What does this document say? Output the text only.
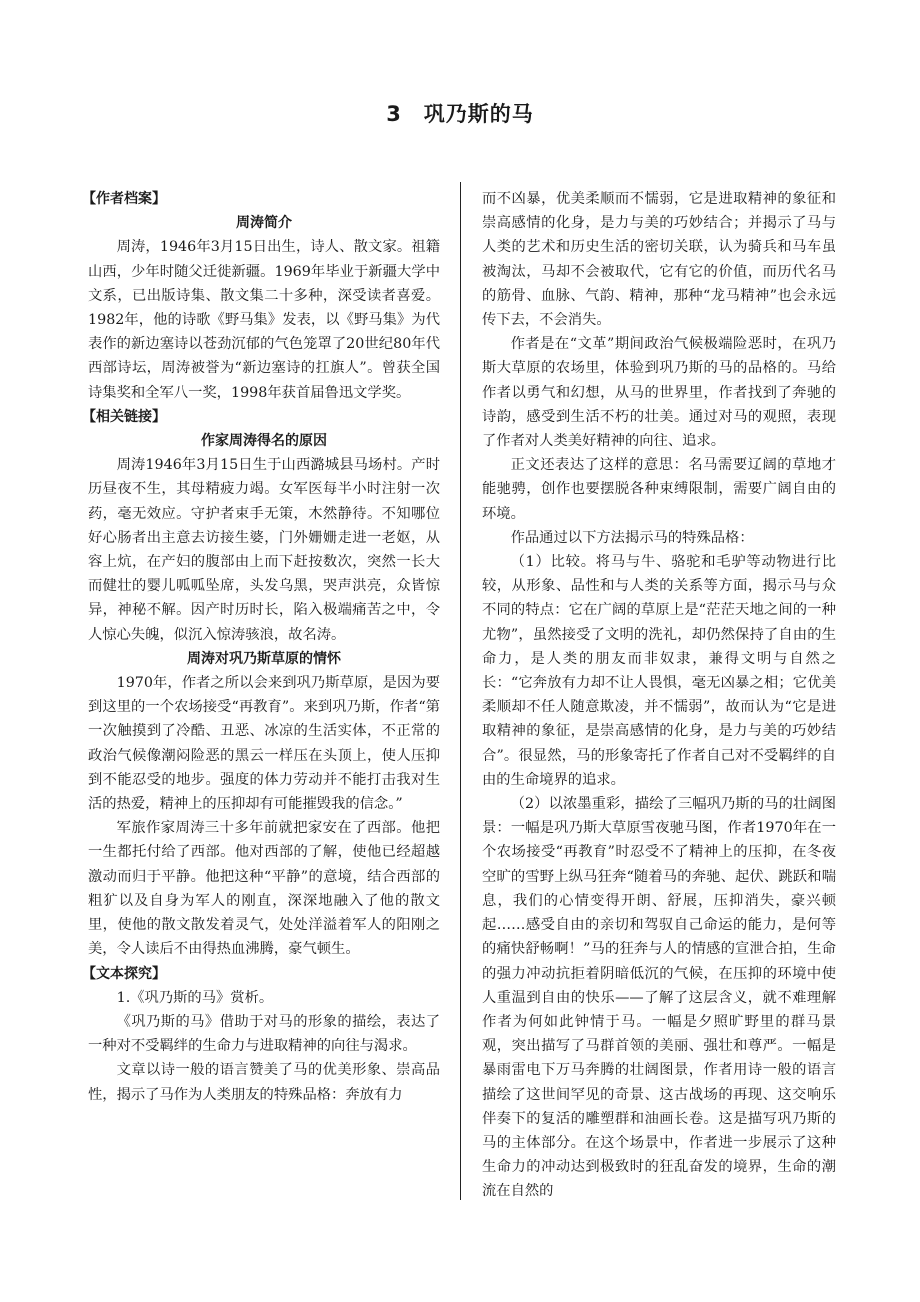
3　巩乃斯的马

【作者档案】

周涛简介

周涛，1946年3月15日出生，诗人、散文家。祖籍山西，少年时随父迁徙新疆。1969年毕业于新疆大学中文系，已出版诗集、散文集二十多种，深受读者喜爱。1982年，他的诗歌《野马集》发表，以《野马集》为代表作的新边塞诗以苍劲沉郁的气色笼罩了20世纪80年代西部诗坛，周涛被誉为“新边塞诗的扛旗人”。曾获全国诗集奖和全军八一奖，1998年获首届鲁迅文学奖。

【相关链接】

作家周涛得名的原因

周涛1946年3月15日生于山西潞城县马场村。产时历昼夜不生，其母精疲力竭。女军医每半小时注射一次药，毫无效应。守护者束手无策，木然静待。不知哪位好心肠者出主意去访接生婆，门外姗姗走进一老妪，从容上炕，在产妇的腹部由上而下赶按数次，突然一长大而健壮的婴儿呱呱坠席，头发乌黑，哭声洪亮，众皆惊异，神秘不解。因产时历时长，陷入极端痛苦之中，令人惊心失魄，似沉入惊涛骇浪，故名涛。

周涛对巩乃斯草原的情怀

1970年，作者之所以会来到巩乃斯草原，是因为要到这里的一个农场接受“再教育”。来到巩乃斯，作者“第一次触摸到了冷酷、丑恶、冰凉的生活实体，不正常的政治气候像潮闷险恶的黑云一样压在头顶上，使人压抑到不能忍受的地步。强度的体力劳动并不能打击我对生活的热爱，精神上的压抑却有可能摧毁我的信念。”

军旅作家周涛三十多年前就把家安在了西部。他把一生都托付给了西部。他对西部的了解，使他已经超越激动而归于平静。他把这种“平静”的意境，结合西部的粗犷以及自身为军人的刚直，深深地融入了他的散文里，使他的散文散发着灵气，处处洋溢着军人的阳刚之美，令人读后不由得热血沸腾，豪气顿生。

【文本探究】

1.《巩乃斯的马》赏析。

《巩乃斯的马》借助于对马的形象的描绘，表达了一种对不受羁绊的生命力与进取精神的向往与渴求。

文章以诗一般的语言赞美了马的优美形象、崇高品性，揭示了马作为人类朋友的特殊品格：奔放有力

而不凶暴，优美柔顺而不懦弱，它是进取精神的象征和崇高感情的化身，是力与美的巧妙结合；并揭示了马与人类的艺术和历史生活的密切关联，认为骑兵和马车虽被淘汰，马却不会被取代，它有它的价值，而历代名马的筋骨、血脉、气韵、精神，那种“龙马精神”也会永远传下去，不会消失。

作者是在“文革”期间政治气候极端险恶时，在巩乃斯大草原的农场里，体验到巩乃斯的马的品格的。马给作者以勇气和幻想，从马的世界里，作者找到了奔驰的诗韵，感受到生活不朽的壮美。通过对马的观照，表现了作者对人类美好精神的向往、追求。

正文还表达了这样的意思：名马需要辽阔的草地才能驰骋，创作也要摆脱各种束缚限制，需要广阔自由的环境。

作品通过以下方法揭示马的特殊品格：

（1）比较。将马与牛、骆驼和毛驴等动物进行比较，从形象、品性和与人类的关系等方面，揭示马与众不同的特点：它在广阔的草原上是“茫茫天地之间的一种尤物”，虽然接受了文明的洗礼，却仍然保持了自由的生命力，是人类的朋友而非奴隶，兼得文明与自然之长：“它奔放有力却不让人畏惧，毫无凶暴之相；它优美柔顺却不任人随意欺凌，并不懦弱”，故而认为“它是进取精神的象征，是崇高感情的化身，是力与美的巧妙结合”。很显然，马的形象寄托了作者自己对不受羁绊的自由的生命境界的追求。

（2）以浓墨重彩，描绘了三幅巩乃斯的马的壮阔图景：一幅是巩乃斯大草原雪夜驰马图，作者1970年在一个农场接受“再教育”时忍受不了精神上的压抑，在冬夜空旷的雪野上纵马狂奔“随着马的奔驰、起伏、跳跃和喘息，我们的心情变得开朗、舒展，压抑消失，豪兴顿起……感受自由的亲切和驾驭自己命运的能力，是何等的痛快舒畅啊！”马的狂奔与人的情感的宣泄合拍，生命的强力冲动抗拒着阴暗低沉的气候，在压抑的环境中使人重温到自由的快乐——了解了这层含义，就不难理解作者为何如此钟情于马。一幅是夕照旷野里的群马景观，突出描写了马群首领的美丽、强壮和尊严。一幅是暴雨雷电下万马奔腾的壮阔图景，作者用诗一般的语言描绘了这世间罕见的奇景、这古战场的再现、这交响乐伴奏下的复活的雕塑群和油画长卷。这是描写巩乃斯的马的主体部分。在这个场景中，作者进一步展示了这种生命力的冲动达到极致时的狂乱奋发的境界，生命的潮流在自然的
